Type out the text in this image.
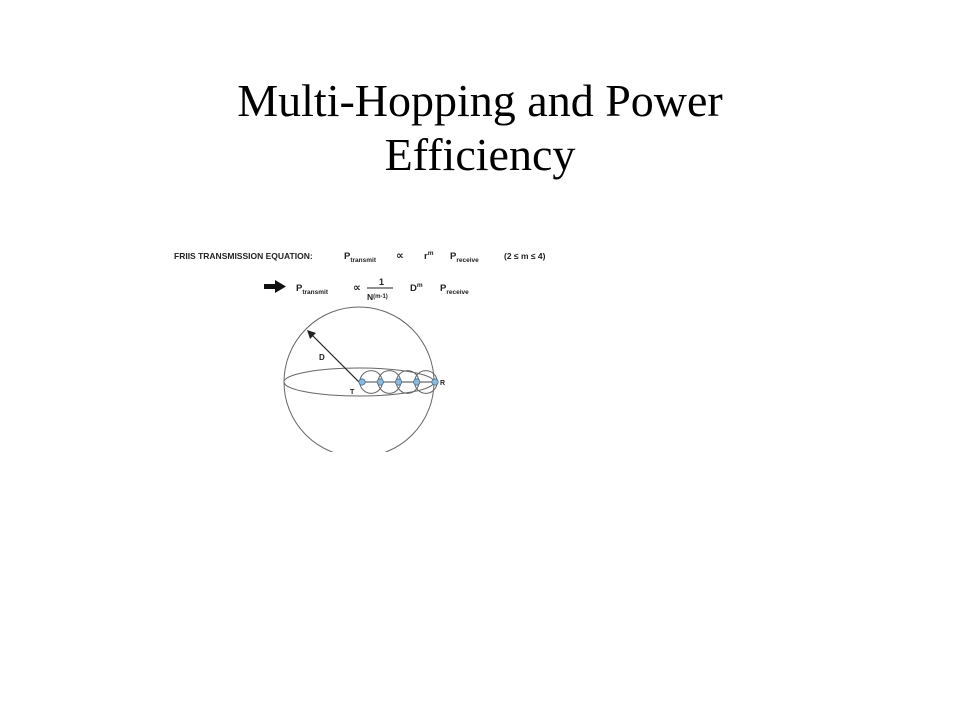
Multi-Hopping and Power
Efficiency
FRIIS TRANSMISSION EQUATION:	$P_{transmit} \propto r^m$ $P_{receive}$	(2 ≤ m ≤ 4)
$P_{transmit} \propto 1$
$N^{(m-1)}$
$D^m$ $P_{receive}$
D
T
R
